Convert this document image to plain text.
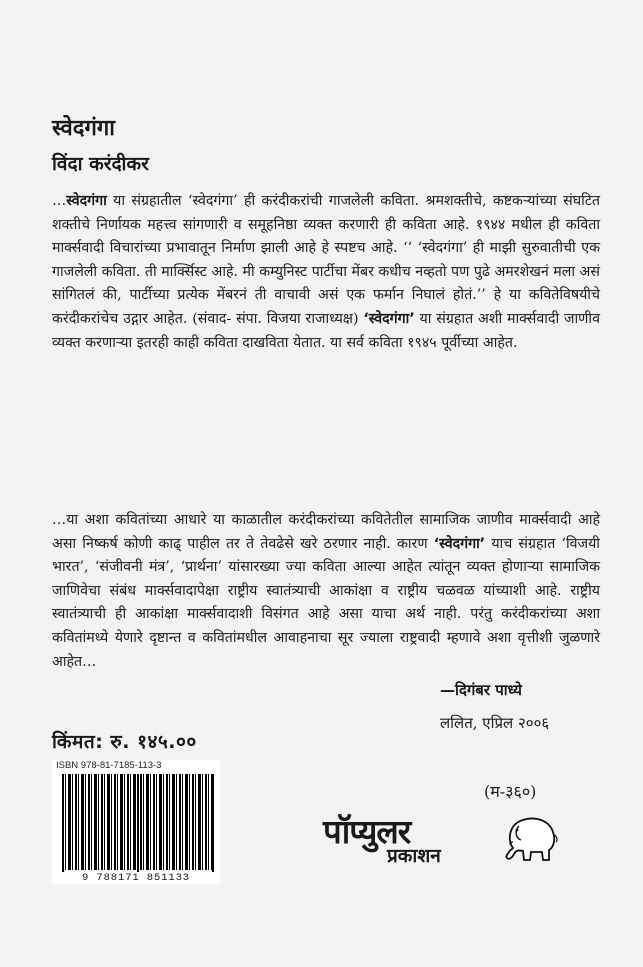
स्वेदगंगा
विंदा करंदीकर

…स्वेदगंगा या संग्रहातील ‘स्वेदगंगा’ ही करंदीकरांची गाजलेली कविता. श्रमशक्तीचे, कष्टकऱ्यांच्या संघटित शक्तीचे निर्णायक महत्त्व सांगणारी व समूहनिष्ठा व्यक्त करणारी ही कविता आहे. १९४४ मधील ही कविता मार्क्सवादी विचारांच्या प्रभावातून निर्माण झाली आहे हे स्पष्टच आहे. ‘‘ ‘स्वेदगंगा’ ही माझी सुरुवातीची एक गाजलेली कविता. ती मार्क्सिस्ट आहे. मी कम्युनिस्ट पार्टीचा मेंबर कधीच नव्हतो पण पुढे अमरशेखनं मला असं सांगितलं की, पार्टीच्या प्रत्येक मेंबरनं ती वाचावी असं एक फर्मान निघालं होतं.’’ हे या कवितेविषयीचे करंदीकरांचेच उद्गार आहेत. (संवाद- संपा. विजया राजाध्यक्ष) ‘स्वेदगंगा’ या संग्रहात अशी मार्क्सवादी जाणीव व्यक्त करणाऱ्या इतरही काही कविता दाखविता येतात. या सर्व कविता १९४५ पूर्वीच्या आहेत.

…या अशा कवितांच्या आधारे या काळातील करंदीकरांच्या कवितेतील सामाजिक जाणीव मार्क्सवादी आहे असा निष्कर्ष कोणी काढ् पाहील तर ते तेवढेसे खरे ठरणार नाही. कारण ‘स्वेदगंगा’ याच संग्रहात ‘विजयी भारत’, ‘संजीवनी मंत्र’, ‘प्रार्थना’ यांसारख्या ज्या कविता आल्या आहेत त्यांतून व्यक्त होणाऱ्या सामाजिक जाणिवेचा संबंध मार्क्सवादापेक्षा राष्ट्रीय स्वातंत्र्याची आकांक्षा व राष्ट्रीय चळवळ यांच्याशी आहे. राष्ट्रीय स्वातंत्र्याची ही आकांक्षा मार्क्सवादाशी विसंगत आहे असा याचा अर्थ नाही. परंतु करंदीकरांच्या अशा कवितांमध्ये येणारे दृष्टान्त व कवितांमधील आवाहनाचा सूर ज्याला राष्ट्रवादी म्हणावे अशा वृत्तीशी जुळणारे आहेत…

—दिगंबर पाध्ये
ललित, एप्रिल २००६
किंमत: रु. १४५.००
ISBN 978-81-7185-113-3
9 788171 851133
(म-३६०)
पॉप्युलर
प्रकाशन
